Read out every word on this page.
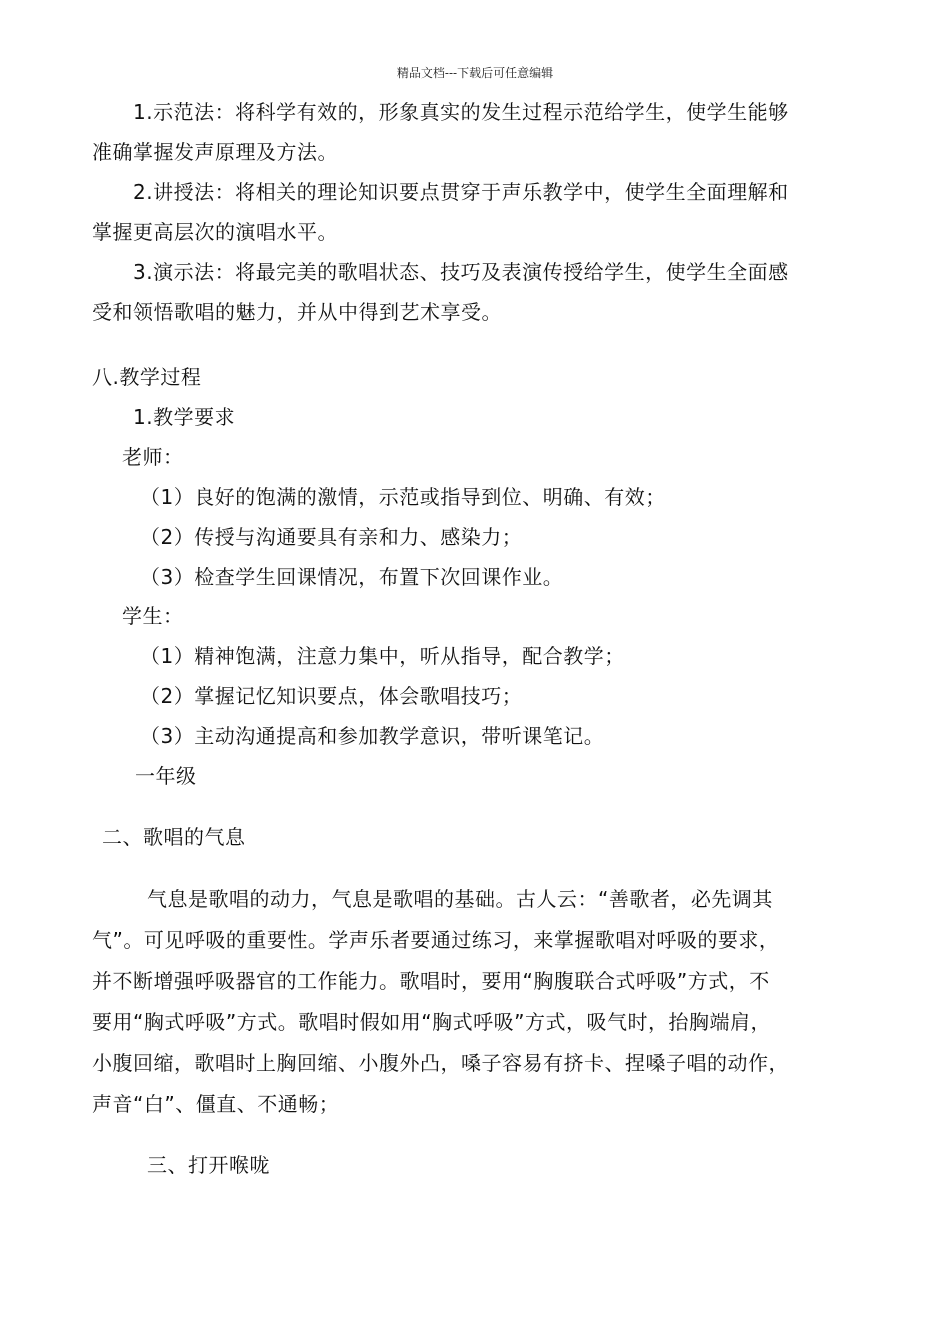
精品文档---下载后可任意编辑
1.示范法：将科学有效的，形象真实的发生过程示范给学生，使学生能够
准确掌握发声原理及方法。
2.讲授法：将相关的理论知识要点贯穿于声乐教学中，使学生全面理解和
掌握更高层次的演唱水平。
3.演示法：将最完美的歌唱状态、技巧及表演传授给学生，使学生全面感
受和领悟歌唱的魅力，并从中得到艺术享受。
八.教学过程
1.教学要求
老师：
（1）良好的饱满的激情，示范或指导到位、明确、有效；
（2）传授与沟通要具有亲和力、感染力；
（3）检查学生回课情况，布置下次回课作业。
学生：
（1）精神饱满，注意力集中，听从指导，配合教学；
（2）掌握记忆知识要点，体会歌唱技巧；
（3）主动沟通提高和参加教学意识，带听课笔记。
一年级
二、歌唱的气息
气息是歌唱的动力，气息是歌唱的基础。古人云：“善歌者，必先调其
气”。可见呼吸的重要性。学声乐者要通过练习，来掌握歌唱对呼吸的要求，
并不断增强呼吸器官的工作能力。歌唱时，要用“胸腹联合式呼吸”方式，不
要用“胸式呼吸”方式。歌唱时假如用“胸式呼吸”方式，吸气时，抬胸端肩，
小腹回缩，歌唱时上胸回缩、小腹外凸，嗓子容易有挤卡、捏嗓子唱的动作，
声音“白”、僵直、不通畅；
三、打开喉咙
